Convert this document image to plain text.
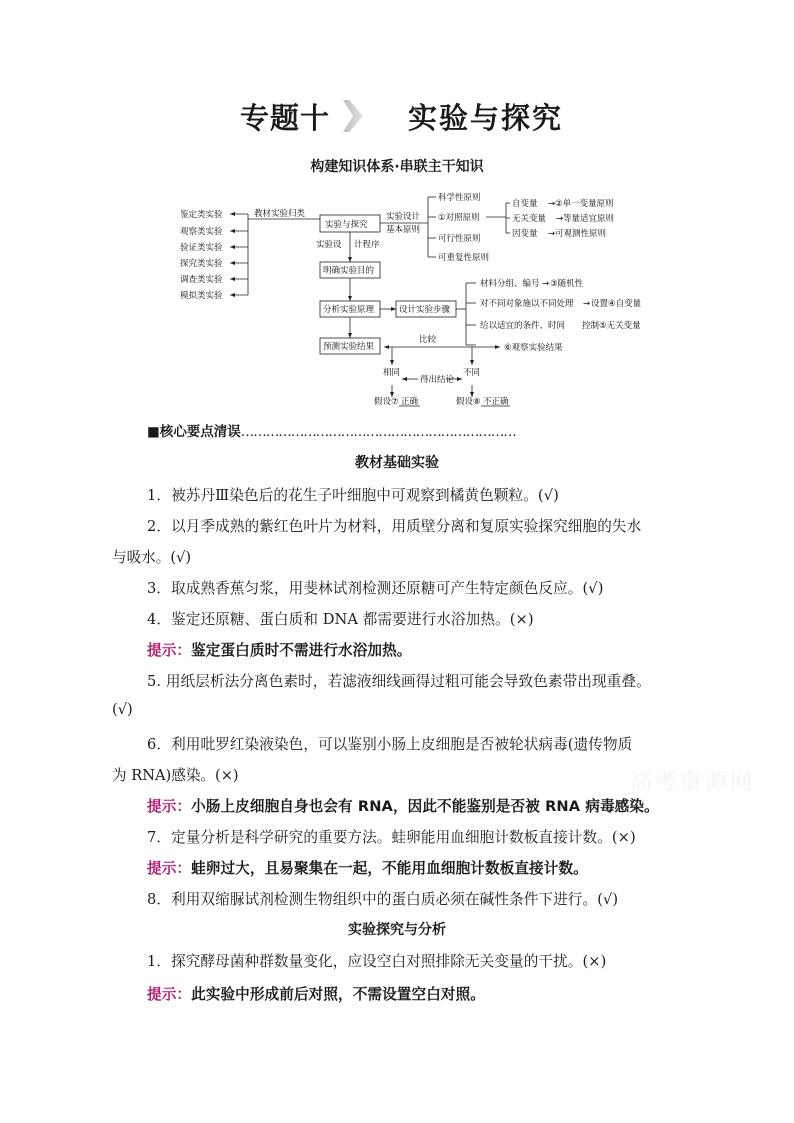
专题十	实验与探究
构建知识体系·串联主干知识
鉴定类实验
观察类实验
验证类实验
探究类实验
调查类实验
模拟类实验
教材实验归类
实验与探究
实验设计
基本原则
科学性原则
①对照原则
可行性原则
可重复性原则
自变量 ②单一变量原则
无关变量 等量适宜原则
因变量 可观测性原则
→
→
→
实验设 计程序
明确实验目的
分析实验原理
预测实验结果
设计实验步骤
材料分组、编号 → ③随机性
对不同对象施以不同处理 → 设置④自变量
给以适宜的条件、时间 控制⑤无关变量
⑥观察实验结果
比较
相同	不同
得出结论
假设⑦ 正确	假设⑧ 不正确
■核心要点清误…………………………………………………………
教材基础实验
1．被苏丹Ⅲ染色后的花生子叶细胞中可观察到橘黄色颗粒。(√)
2．以月季成熟的紫红色叶片为材料，用质壁分离和复原实验探究细胞的失水
与吸水。(√)
3．取成熟香蕉匀浆，用斐林试剂检测还原糖可产生特定颜色反应。(√)
4．鉴定还原糖、蛋白质和 DNA 都需要进行水浴加热。(×)
提示：鉴定蛋白质时不需进行水浴加热。
5. 用纸层析法分离色素时，若滤液细线画得过粗可能会导致色素带出现重叠。
(√)
6．利用吡罗红染液染色，可以鉴别小肠上皮细胞是否被轮状病毒(遗传物质
为 RNA)感染。(×)
提示：小肠上皮细胞自身也会有 RNA，因此不能鉴别是否被 RNA 病毒感染。
7．定量分析是科学研究的重要方法。蛙卵能用血细胞计数板直接计数。(×)
提示：蛙卵过大，且易聚集在一起，不能用血细胞计数板直接计数。
8．利用双缩脲试剂检测生物组织中的蛋白质必须在碱性条件下进行。(√)
实验探究与分析
1．探究酵母菌种群数量变化，应设空白对照排除无关变量的干扰。(×)
提示：此实验中形成前后对照，不需设置空白对照。
高考资源网
